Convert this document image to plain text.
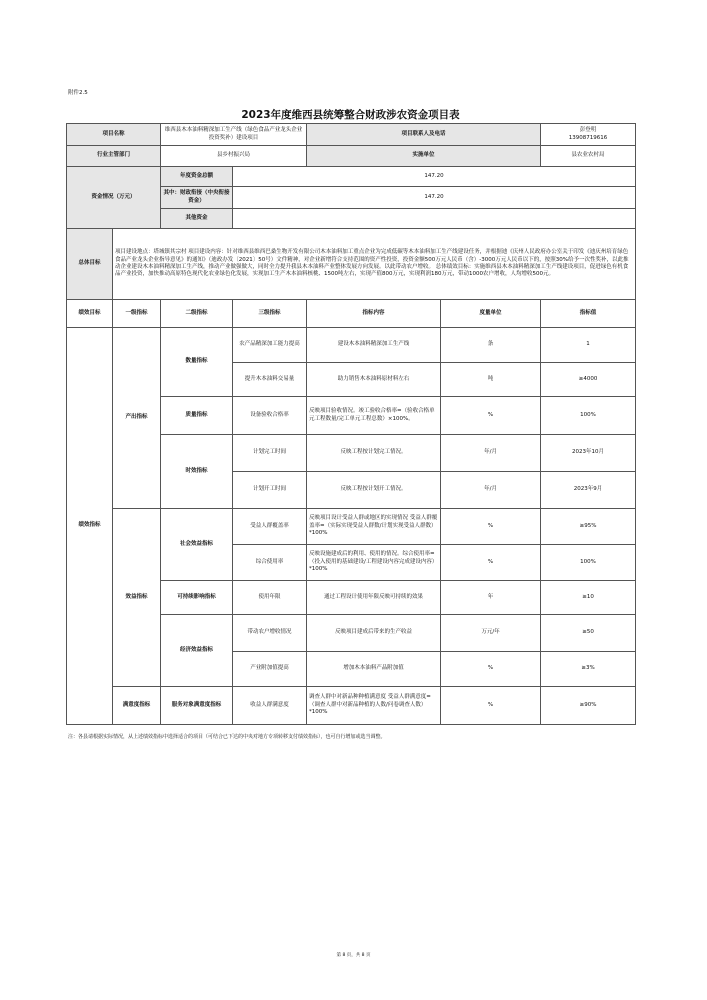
附件2.5
2023年度维西县统筹整合财政涉农资金项目表
项目名称		维西县木本油料精深加工生产线（绿色食品产业龙头企业投资奖补）建设项目		项目联系人及电话		彭登明
13908719616

行业主管部门		县乡村振兴局		实施单位		县农业农村局
资金情况（万元）		年度资金总额	147.20			
		其中：财政衔接（中央衔接资金）	147.20			
		其他资金				
总体目标	项目建设地点：塔城镇其宗村 项目建设内容：针对维西县维西巴桑生物开发有限公司木本油料加工重点企业为完成低碳等木本油料加工生产线建设任务，并根据迪《庆州人民政府办公室关于印发《迪庆州培育绿色食品产业龙头企业指导意见》的通知》（迪政办发〔2021〕50号）文件精神，对企业新增符合支持范围的资产性投资，投资金额500万元人民币（含）-3000万元人民币以下的，按照30%给予一次性奖补，以此推动企业建设木本油料精深加工生产线，推动产业做强做大，同时全力提升我县木本油料产业整体发展方向发展。以此带动农户增收。 总体绩效目标：实施维西县木本油料精深加工生产线建设项目，促进绿色有机食品产业投资，加快推动高原特色现代化农业绿色化发展，实现加工生产木本油料核桃、1500吨左右，实现产值800万元，实现利润180万元，带动1000农户增收，人均增收500元。					
绩效目标	一级指标	二级指标	三级指标	指标内容	度量单位	指标值
绩效指标	产出指标	数量指标	农产品精深加工能力提高	建设木本油料精深加工生产线	条	1
			提升木本油料交易量	助力销售木本油料原材料左右	吨	≥4000
		质量指标	设备验收合格率	反映项目验收情况。竣工验收合格率=（验收合格单元工程数量/完工单元工程总数）×100%。	%	100%
		时效指标	计划完工时间	反映工程按计划完工情况。	年/月	2023年10月
			计划开工时间	反映工程按计划开工情况。	年/月	2023年9月
	效益指标	社会效益指标	受益人群覆盖率	反映项目设计受益人群或地区的实现情况 受益人群覆盖率=（实际实现受益人群数/计划实现受益人群数）*100%	%	≥95%
			综合使用率	反映设施建成后的利用、使用的情况。综合使用率=（投入使用的基础建设/工程建设内容完成建设内容）*100%	%	100%
		可持续影响指标	使用年限	通过工程设计使用年限反映可持续的效果	年	≥10
		经济效益指标	带动农户增收情况	反映项目建成后带来的生产收益	万元/年	≥50
			产业附加值提高	增加木本油料产品附加值	%	≥3%
	满意度指标	服务对象满意度指标	收益人群满意度	调查人群中对新品种种植满意度 受益人群满意度=（调查人群中对新品种植的人数/问卷调查人数）*100%	%	≥90%
注：各县请根据实际情况，从上述绩效指标中选择适合的项目（可结合已下达的中央对地方专项转移支付绩效指标），也可自行增加或选当调整。
第 8 页，共 8 页
